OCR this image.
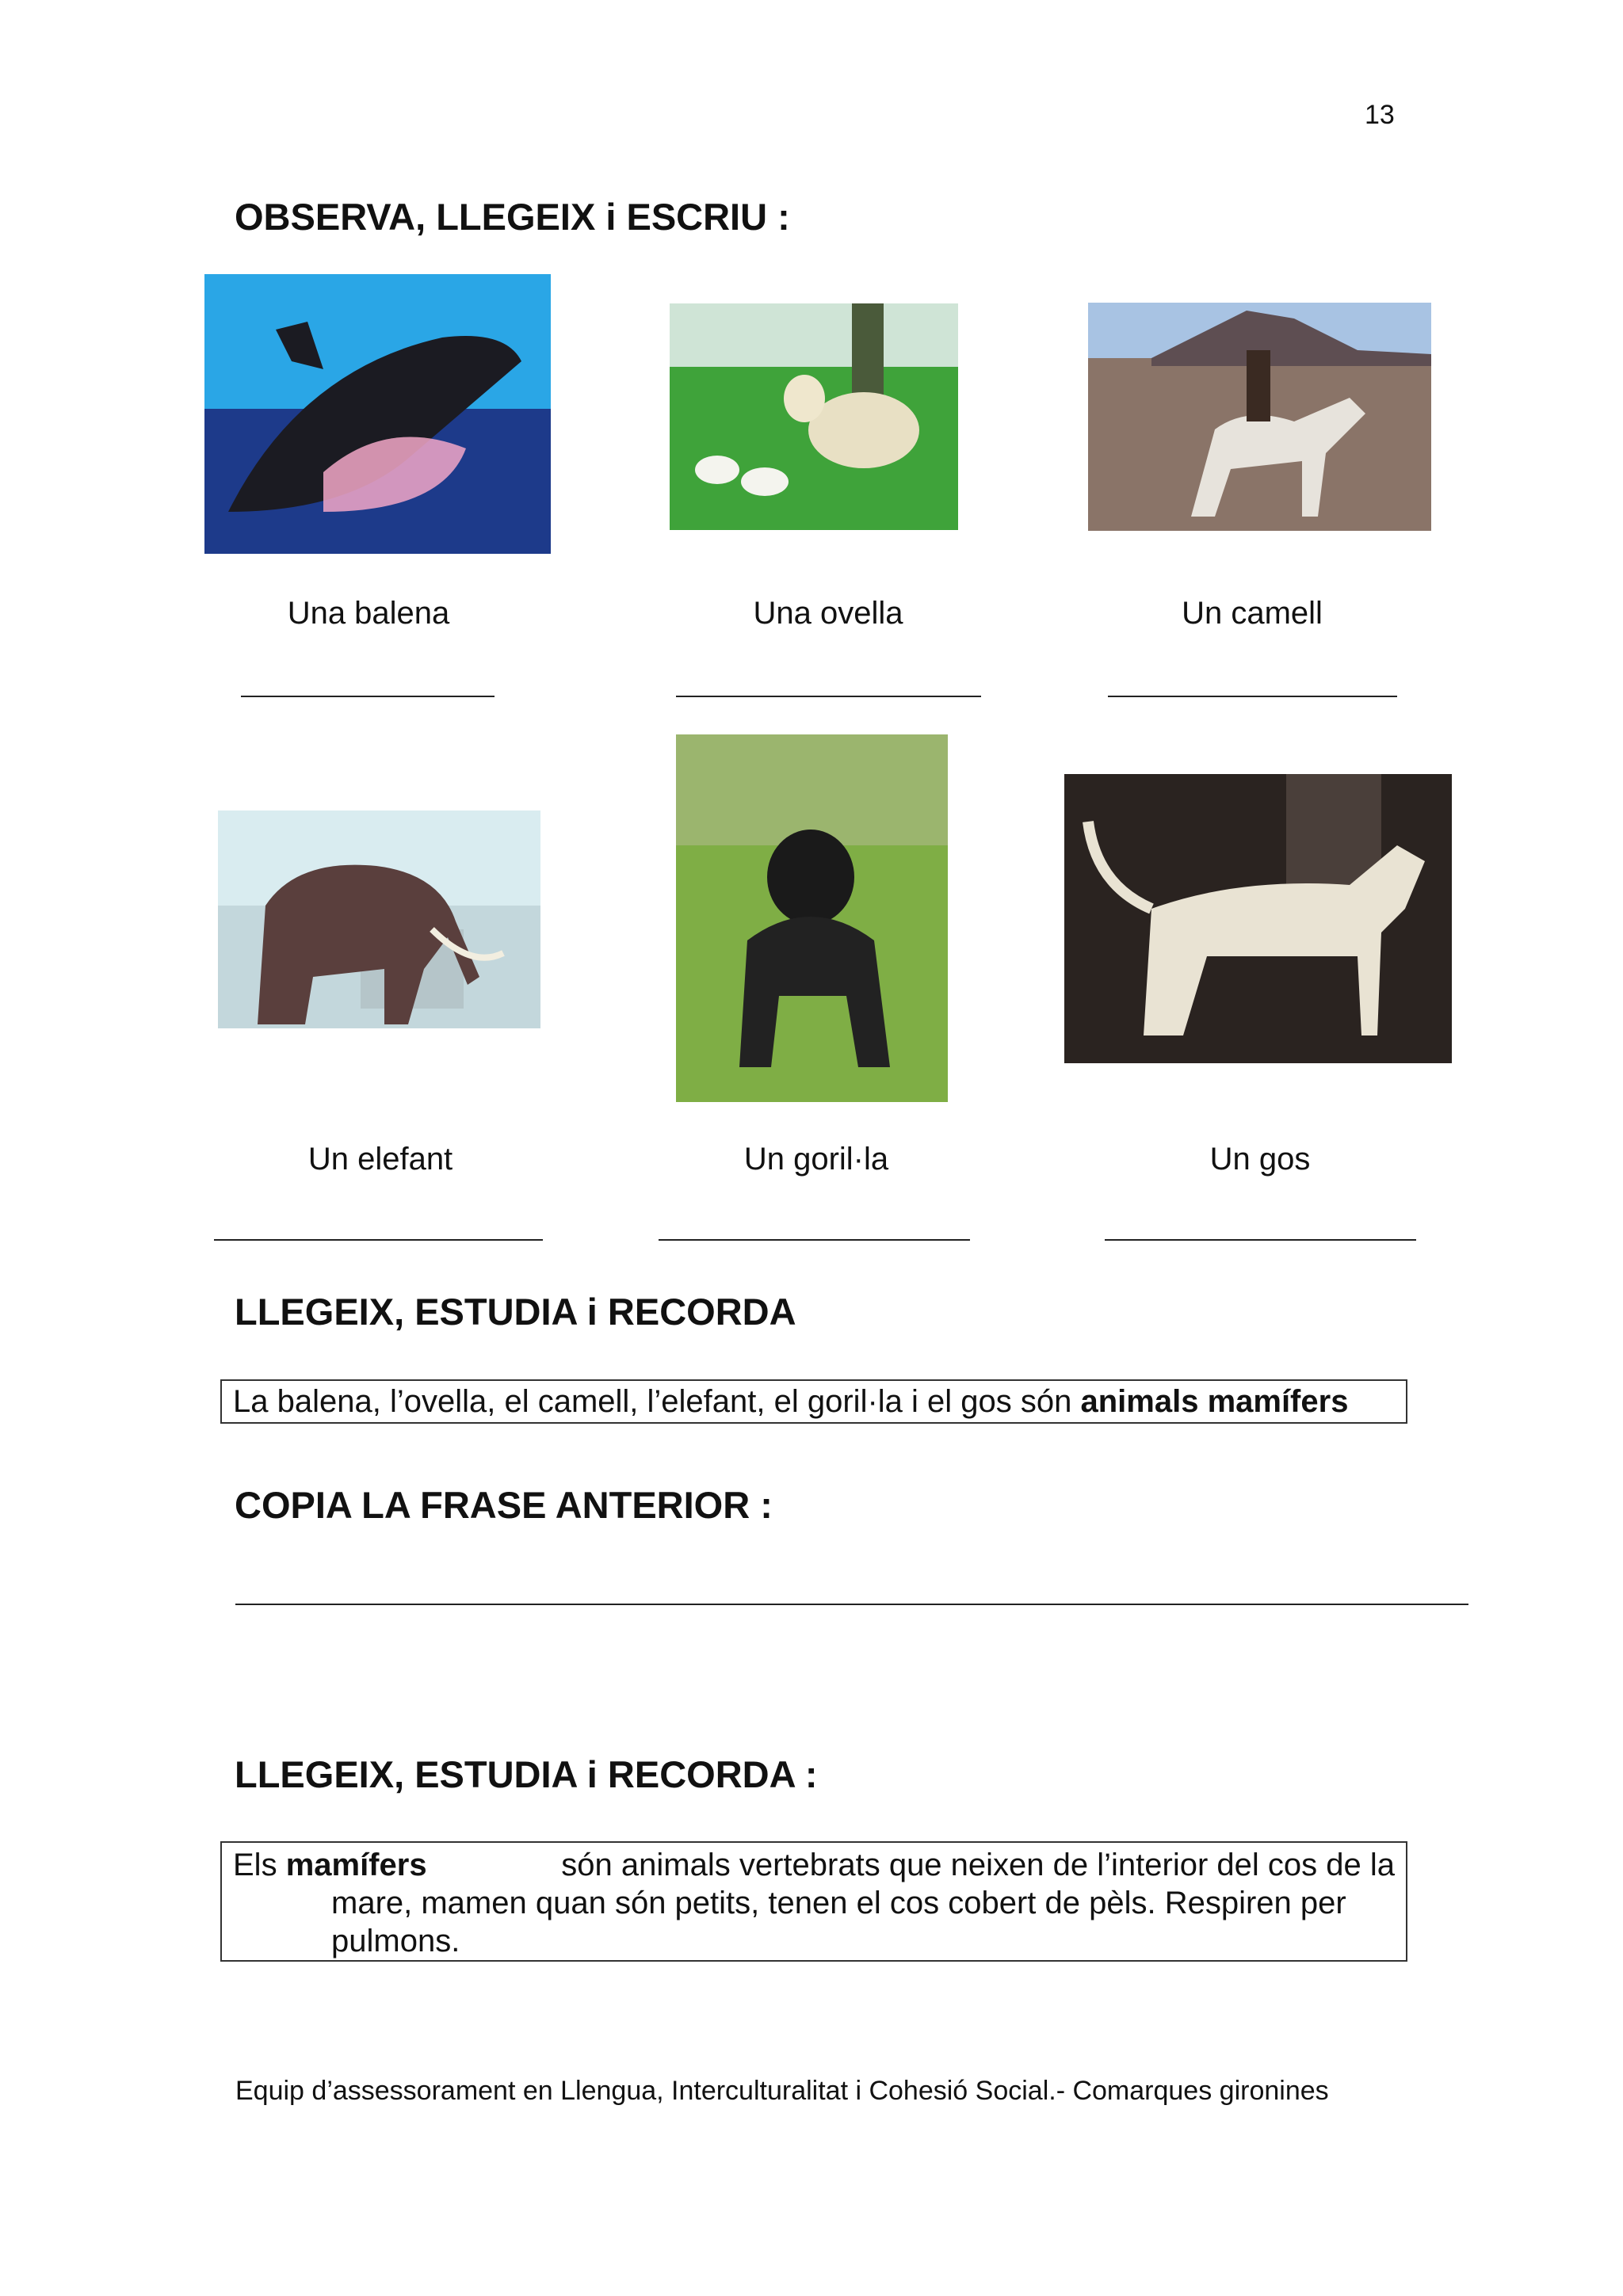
13
OBSERVA, LLEGEIX i ESCRIU :
Una balena	Una ovella	Un camell
Un elefant	Un goril·la	Un gos
LLEGEIX, ESTUDIA i RECORDA
La balena, l’ovella, el camell, l’elefant, el goril·la i el gos són animals mamífers
COPIA LA FRASE ANTERIOR :
LLEGEIX, ESTUDIA i RECORDA :
Els mamífers	són animals vertebrats que neixen de l’interior del cos de la
mare, mamen quan són petits, tenen el cos cobert de pèls. Respiren per
pulmons.
Equip d’assessorament en Llengua, Interculturalitat i Cohesió Social.- Comarques gironines
